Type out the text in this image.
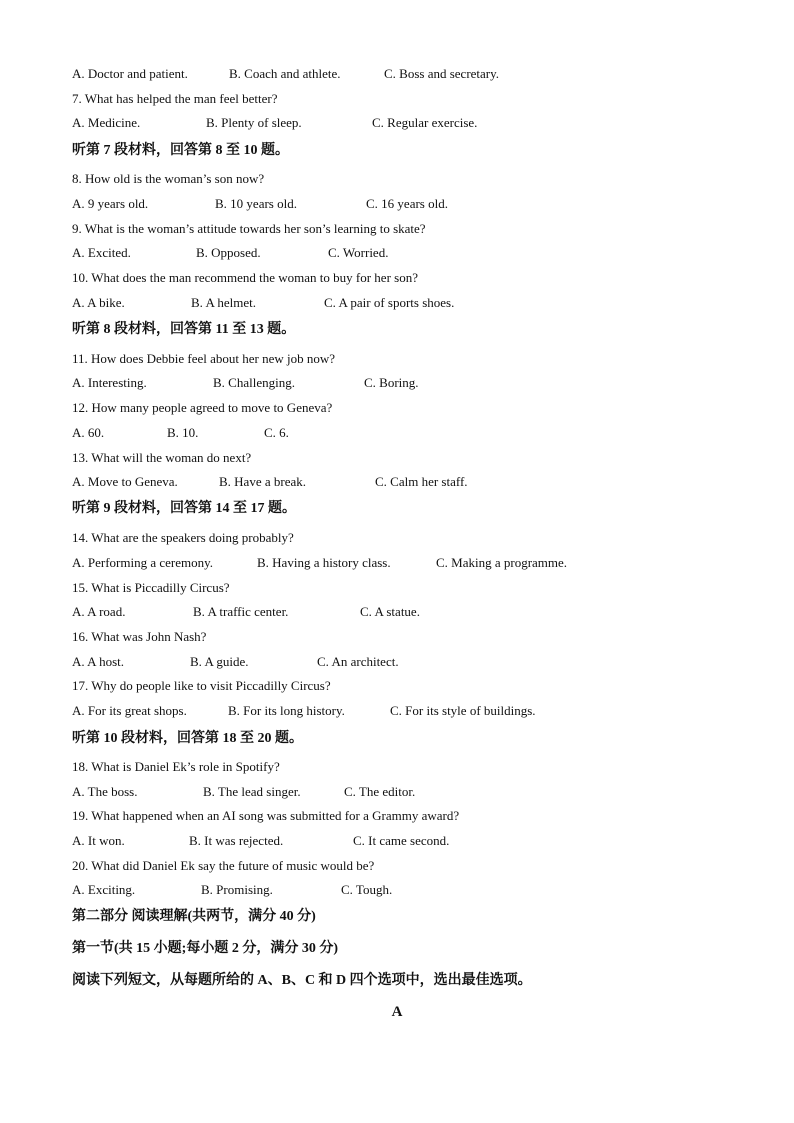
A. Doctor and patient.	B. Coach and athlete.	C. Boss and secretary.
7. What has helped the man feel better?
A. Medicine.	B. Plenty of sleep.	C. Regular exercise.
听第 7 段材料，回答第 8 至 10 题。
8. How old is the woman’s son now?
A. 9 years old.	B. 10 years old.	C. 16 years old.
9. What is the woman’s attitude towards her son’s learning to skate?
A. Excited.	B. Opposed.	C. Worried.
10. What does the man recommend the woman to buy for her son?
A. A bike.	B. A helmet.	C. A pair of sports shoes.
听第 8 段材料，回答第 11 至 13 题。
11. How does Debbie feel about her new job now?
A. Interesting.	B. Challenging.	C. Boring.
12. How many people agreed to move to Geneva?
A. 60.	B. 10.	C. 6.
13. What will the woman do next?
A. Move to Geneva.	B. Have a break.	C. Calm her staff.
听第 9 段材料，回答第 14 至 17 题。
14. What are the speakers doing probably?
A. Performing a ceremony.	B. Having a history class.	C. Making a programme.
15. What is Piccadilly Circus?
A. A road.	B. A traffic center.	C. A statue.
16. What was John Nash?
A. A host.	B. A guide.	C. An architect.
17. Why do people like to visit Piccadilly Circus?
A. For its great shops.	B. For its long history.	C. For its style of buildings.
听第 10 段材料，回答第 18 至 20 题。
18. What is Daniel Ek’s role in Spotify?
A. The boss.	B. The lead singer.	C. The editor.
19. What happened when an AI song was submitted for a Grammy award?
A. It won.	B. It was rejected.	C. It came second.
20. What did Daniel Ek say the future of music would be?
A. Exciting.	B. Promising.	C. Tough.
第二部分 阅读理解(共两节，满分 40 分)
第一节(共 15 小题;每小题 2 分，满分 30 分)
阅读下列短文，从每题所给的 A、B、C 和 D 四个选项中，选出最佳选项。
A
